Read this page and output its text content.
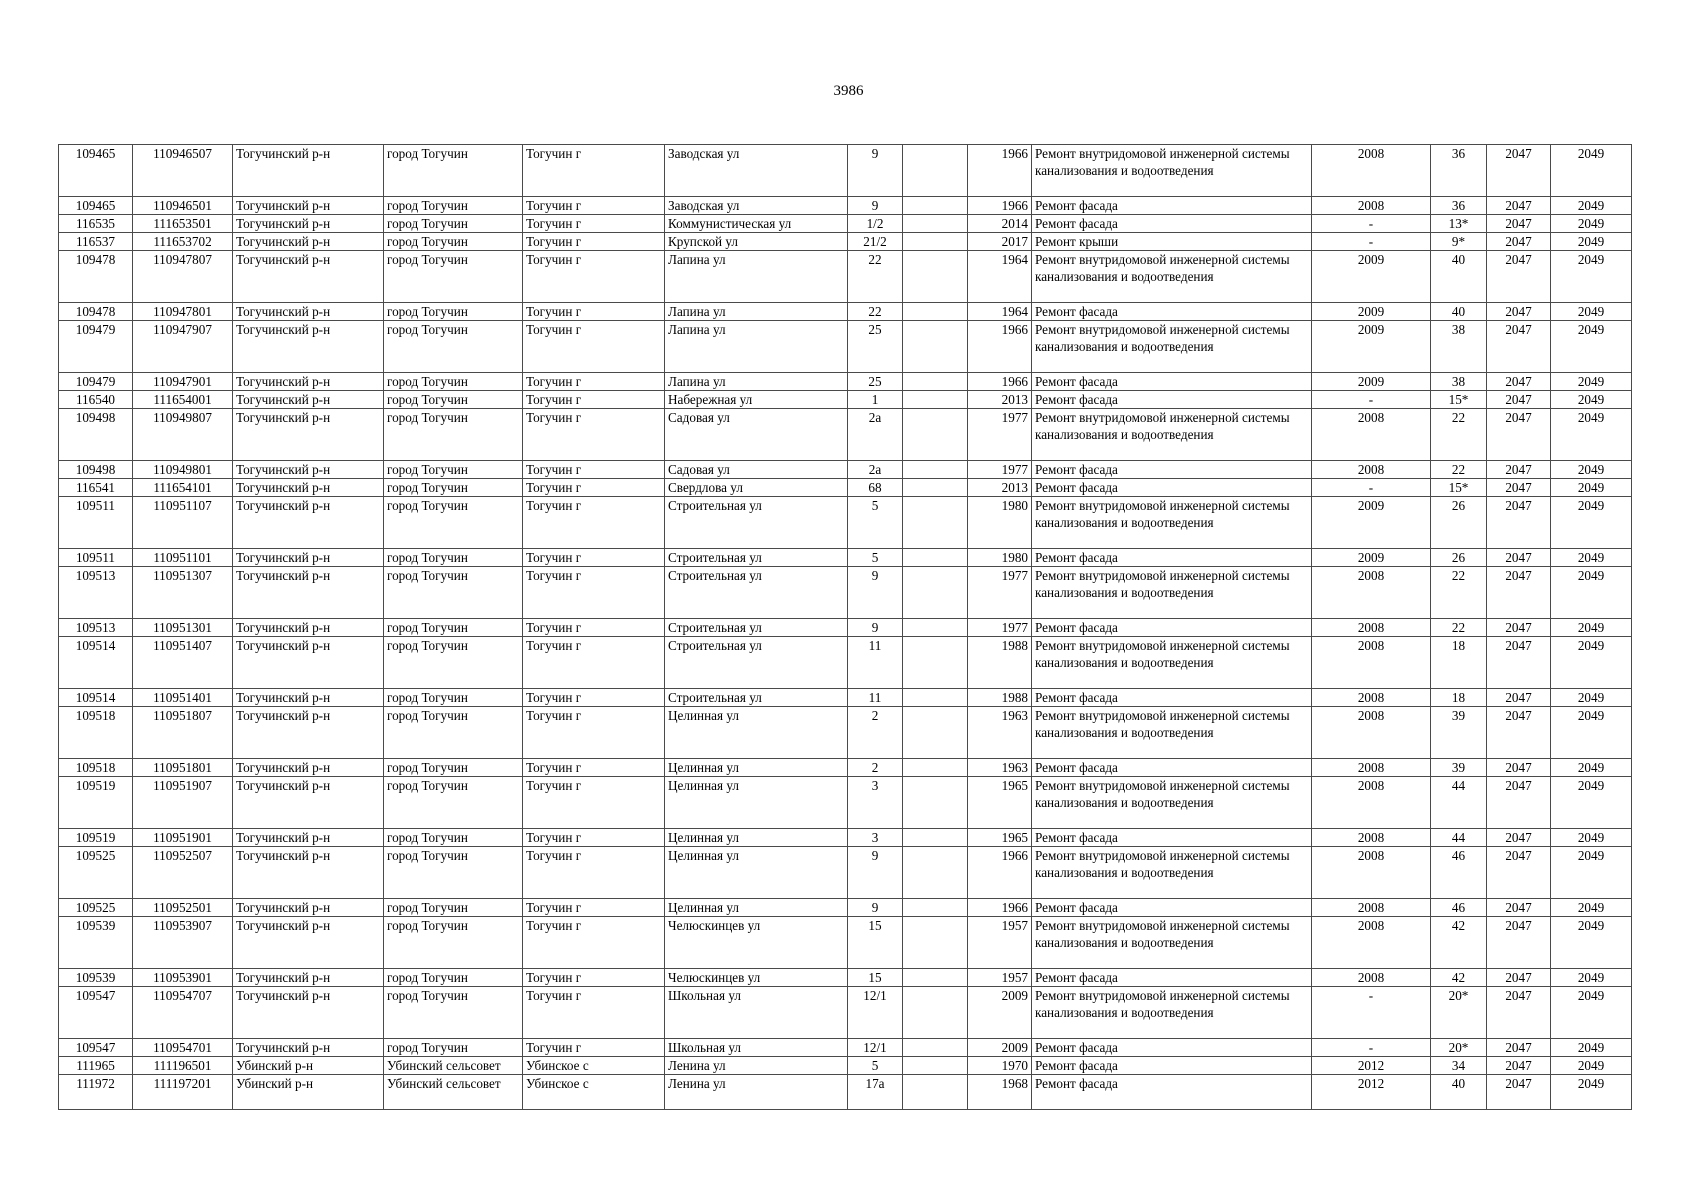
3986
109465	110946507	Тогучинский р-н	город Тогучин	Тогучин г	Заводская ул	9		1966	Ремонт внутридомовой инженерной системы канализования и водоотведения	2008	36	2047	2049
109465	110946501	Тогучинский р-н	город Тогучин	Тогучин г	Заводская ул	9		1966	Ремонт фасада	2008	36	2047	2049
116535	111653501	Тогучинский р-н	город Тогучин	Тогучин г	Коммунистическая ул	1/2		2014	Ремонт фасада	-	13*	2047	2049
116537	111653702	Тогучинский р-н	город Тогучин	Тогучин г	Крупской ул	21/2		2017	Ремонт крыши	-	9*	2047	2049
109478	110947807	Тогучинский р-н	город Тогучин	Тогучин г	Лапина ул	22		1964	Ремонт внутридомовой инженерной системы канализования и водоотведения	2009	40	2047	2049
109478	110947801	Тогучинский р-н	город Тогучин	Тогучин г	Лапина ул	22		1964	Ремонт фасада	2009	40	2047	2049
109479	110947907	Тогучинский р-н	город Тогучин	Тогучин г	Лапина ул	25		1966	Ремонт внутридомовой инженерной системы канализования и водоотведения	2009	38	2047	2049
109479	110947901	Тогучинский р-н	город Тогучин	Тогучин г	Лапина ул	25		1966	Ремонт фасада	2009	38	2047	2049
116540	111654001	Тогучинский р-н	город Тогучин	Тогучин г	Набережная ул	1		2013	Ремонт фасада	-	15*	2047	2049
109498	110949807	Тогучинский р-н	город Тогучин	Тогучин г	Садовая ул	2а		1977	Ремонт внутридомовой инженерной системы канализования и водоотведения	2008	22	2047	2049
109498	110949801	Тогучинский р-н	город Тогучин	Тогучин г	Садовая ул	2а		1977	Ремонт фасада	2008	22	2047	2049
116541	111654101	Тогучинский р-н	город Тогучин	Тогучин г	Свердлова ул	68		2013	Ремонт фасада	-	15*	2047	2049
109511	110951107	Тогучинский р-н	город Тогучин	Тогучин г	Строительная ул	5		1980	Ремонт внутридомовой инженерной системы канализования и водоотведения	2009	26	2047	2049
109511	110951101	Тогучинский р-н	город Тогучин	Тогучин г	Строительная ул	5		1980	Ремонт фасада	2009	26	2047	2049
109513	110951307	Тогучинский р-н	город Тогучин	Тогучин г	Строительная ул	9		1977	Ремонт внутридомовой инженерной системы канализования и водоотведения	2008	22	2047	2049
109513	110951301	Тогучинский р-н	город Тогучин	Тогучин г	Строительная ул	9		1977	Ремонт фасада	2008	22	2047	2049
109514	110951407	Тогучинский р-н	город Тогучин	Тогучин г	Строительная ул	11		1988	Ремонт внутридомовой инженерной системы канализования и водоотведения	2008	18	2047	2049
109514	110951401	Тогучинский р-н	город Тогучин	Тогучин г	Строительная ул	11		1988	Ремонт фасада	2008	18	2047	2049
109518	110951807	Тогучинский р-н	город Тогучин	Тогучин г	Целинная ул	2		1963	Ремонт внутридомовой инженерной системы канализования и водоотведения	2008	39	2047	2049
109518	110951801	Тогучинский р-н	город Тогучин	Тогучин г	Целинная ул	2		1963	Ремонт фасада	2008	39	2047	2049
109519	110951907	Тогучинский р-н	город Тогучин	Тогучин г	Целинная ул	3		1965	Ремонт внутридомовой инженерной системы канализования и водоотведения	2008	44	2047	2049
109519	110951901	Тогучинский р-н	город Тогучин	Тогучин г	Целинная ул	3		1965	Ремонт фасада	2008	44	2047	2049
109525	110952507	Тогучинский р-н	город Тогучин	Тогучин г	Целинная ул	9		1966	Ремонт внутридомовой инженерной системы канализования и водоотведения	2008	46	2047	2049
109525	110952501	Тогучинский р-н	город Тогучин	Тогучин г	Целинная ул	9		1966	Ремонт фасада	2008	46	2047	2049
109539	110953907	Тогучинский р-н	город Тогучин	Тогучин г	Челюскинцев ул	15		1957	Ремонт внутридомовой инженерной системы канализования и водоотведения	2008	42	2047	2049
109539	110953901	Тогучинский р-н	город Тогучин	Тогучин г	Челюскинцев ул	15		1957	Ремонт фасада	2008	42	2047	2049
109547	110954707	Тогучинский р-н	город Тогучин	Тогучин г	Школьная ул	12/1		2009	Ремонт внутридомовой инженерной системы канализования и водоотведения	-	20*	2047	2049
109547	110954701	Тогучинский р-н	город Тогучин	Тогучин г	Школьная ул	12/1		2009	Ремонт фасада	-	20*	2047	2049
111965	111196501	Убинский р-н	Убинский сельсовет	Убинское с	Ленина ул	5		1970	Ремонт фасада	2012	34	2047	2049
111972	111197201	Убинский р-н	Убинский сельсовет	Убинское с	Ленина ул	17а		1968	Ремонт фасада	2012	40	2047	2049
